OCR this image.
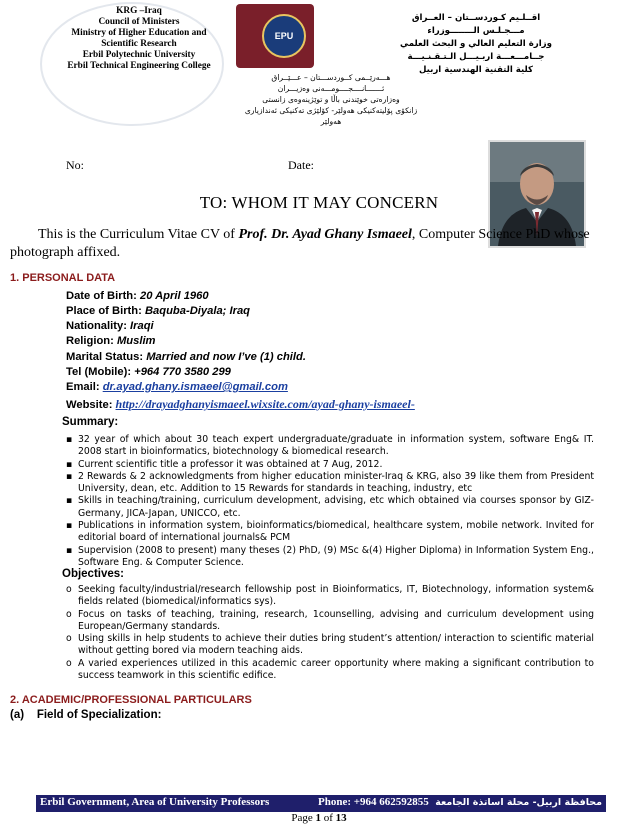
KRG –Iraq
Council of Ministers
Ministry of Higher Education and
Scientific Research
Erbil Polytechnic University
Erbil Technical Engineering College
EPU
اقــلـيم كـوردســتان – العــراق
مـــجـلـس الــــــــوزراء
وزارة التعليم العالي و البحث العلمي
جــامـــعـــة اربـيـــل الـتـقـنـيـــة
كلية التقنية الهندسية اربيل
هـــەرێــمی کــوردســـتان – عـــێــراق
ئـــــــانــــجــــومـــەنی وەزیـــران
وەزارەتی خوێندنی باڵا و توێژینەوەی زانستی
زانکۆی پۆلیتەکنیکی هەولێر- کۆلێژی تەکنیکی ئەندازیاری
هەولێر
No:	Date:
TO: WHOM IT MAY CONCERN
This is the Curriculum Vitae CV of Prof. Dr. Ayad Ghany Ismaeel, Computer Science PhD whose photograph affixed.
1. PERSONAL DATA
Date of Birth: 20 April 1960
Place of Birth: Baquba-Diyala; Iraq
Nationality: Iraqi
Religion: Muslim
Marital Status: Married and now I’ve (1) child.
Tel (Mobile): +964 770 3580 299
Email: dr.ayad.ghany.ismaeel@gmail.com
Website: http://drayadghanyismaeel.wixsite.com/ayad-ghany-ismaeel-
Summary:
▪ 32 year of which about 30 teach expert undergraduate/graduate in information system, software Eng& IT. 2008 start in bioinformatics, biotechnology & biomedical research.
▪ Current scientific title a professor it was obtained at 7 Aug, 2012.
▪ 2 Rewards & 2 acknowledgments from higher education minister-Iraq & KRG, also 39 like them from President University, dean, etc. Addition to 15 Rewards for standards in teaching, industry, etc
▪ Skills in teaching/training, curriculum development, advising, etc which obtained via courses sponsor by GIZ-Germany, JICA-Japan, UNICCO, etc.
▪ Publications in information system, bioinformatics/biomedical, healthcare system, mobile network. Invited for editorial board of international journals& PCM
▪ Supervision (2008 to present) many theses (2) PhD, (9) MSc &(4) Higher Diploma) in Information System Eng., Software Eng. & Computer Science.
Objectives:
o Seeking faculty/industrial/research fellowship post in Bioinformatics, IT, Biotechnology, information system& fields related (biomedical/informatics sys).
o Focus on tasks of teaching, training, research, 1counselling, advising and curriculum development using European/Germany standards.
o Using skills in help students to achieve their duties bring student’s attention/ interaction to scientific material without getting bored via modern teaching aids.
o A varied experiences utilized in this academic career opportunity where making a significant contribution to success teamwork in this scientific edifice.
2. ACADEMIC/PROFESSIONAL PARTICULARS
(a)    Field of Specialization:
Erbil Government, Area of University Professors	Phone: +964 662592855 محافظة اربيل- محلة اساتذة الجامعة
Page 1 of 13
